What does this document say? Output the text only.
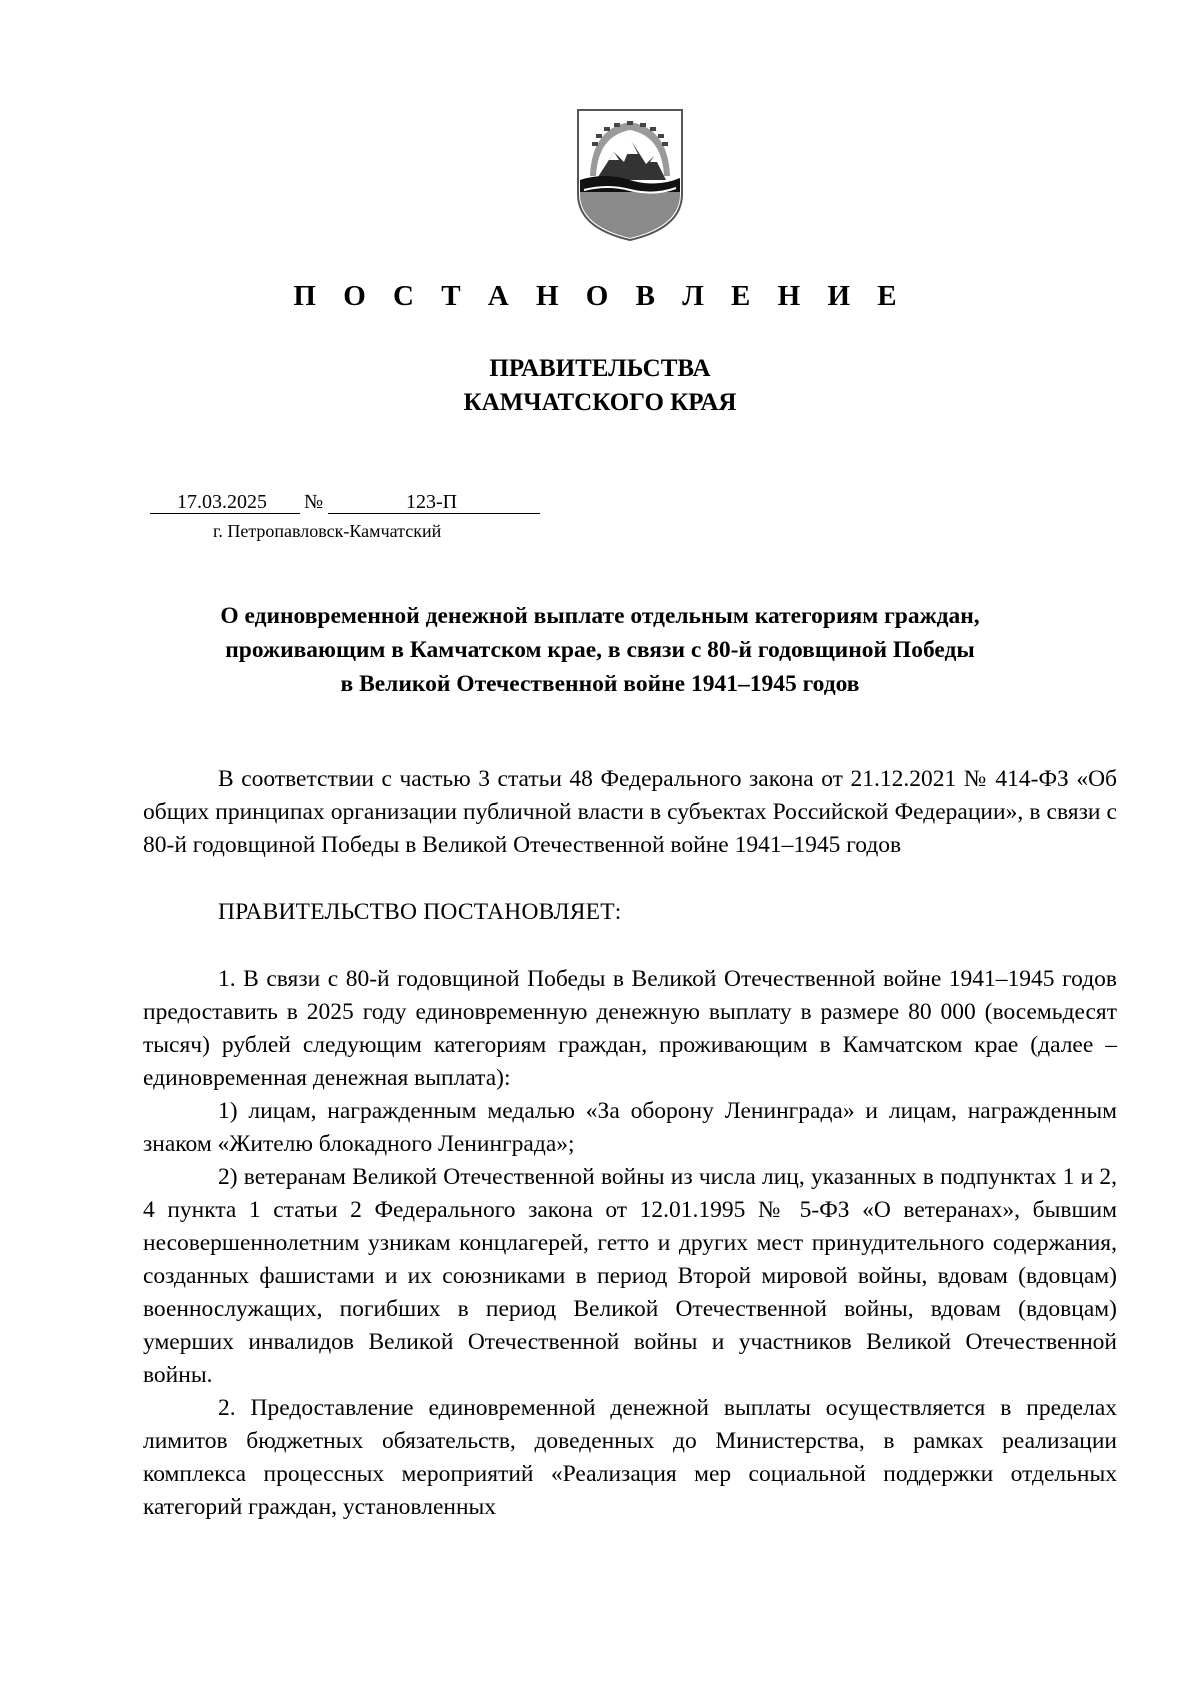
П О С Т А Н О В Л Е Н И Е
ПРАВИТЕЛЬСТВА
КАМЧАТСКОГО КРАЯ
17.03.2025 №	123-П
г. Петропавловск-Камчатский
О единовременной денежной выплате отдельным категориям граждан,
проживающим в Камчатском крае, в связи с 80-й годовщиной Победы
в Великой Отечественной войне 1941–1945 годов

В соответствии с частью 3 статьи 48 Федерального закона от 21.12.2021 № 414-ФЗ «Об общих принципах организации публичной власти в субъектах Российской Федерации», в связи с 80-й годовщиной Победы в Великой Отечественной войне 1941–1945 годов

ПРАВИТЕЛЬСТВО ПОСТАНОВЛЯЕТ:

1. В связи с 80-й годовщиной Победы в Великой Отечественной войне 1941–1945 годов предоставить в 2025 году единовременную денежную выплату в размере 80 000 (восемьдесят тысяч) рублей следующим категориям граждан, проживающим в Камчатском крае (далее – единовременная денежная выплата):

1) лицам, награжденным медалью «За оборону Ленинграда» и лицам, награжденным знаком «Жителю блокадного Ленинграда»;

2) ветеранам Великой Отечественной войны из числа лиц, указанных в подпунктах 1 и 2, 4 пункта 1 статьи 2 Федерального закона от 12.01.1995 № 5-ФЗ «О ветеранах», бывшим несовершеннолетним узникам концлагерей, гетто и других мест принудительного содержания, созданных фашистами и их союзниками в период Второй мировой войны, вдовам (вдовцам) военнослужащих, погибших в период Великой Отечественной войны, вдовам (вдовцам) умерших инвалидов Великой Отечественной войны и участников Великой Отечественной войны.

2. Предоставление единовременной денежной выплаты осуществляется в пределах лимитов бюджетных обязательств, доведенных до Министерства, в рамках реализации комплекса процессных мероприятий «Реализация мер социальной поддержки отдельных категорий граждан, установленных
